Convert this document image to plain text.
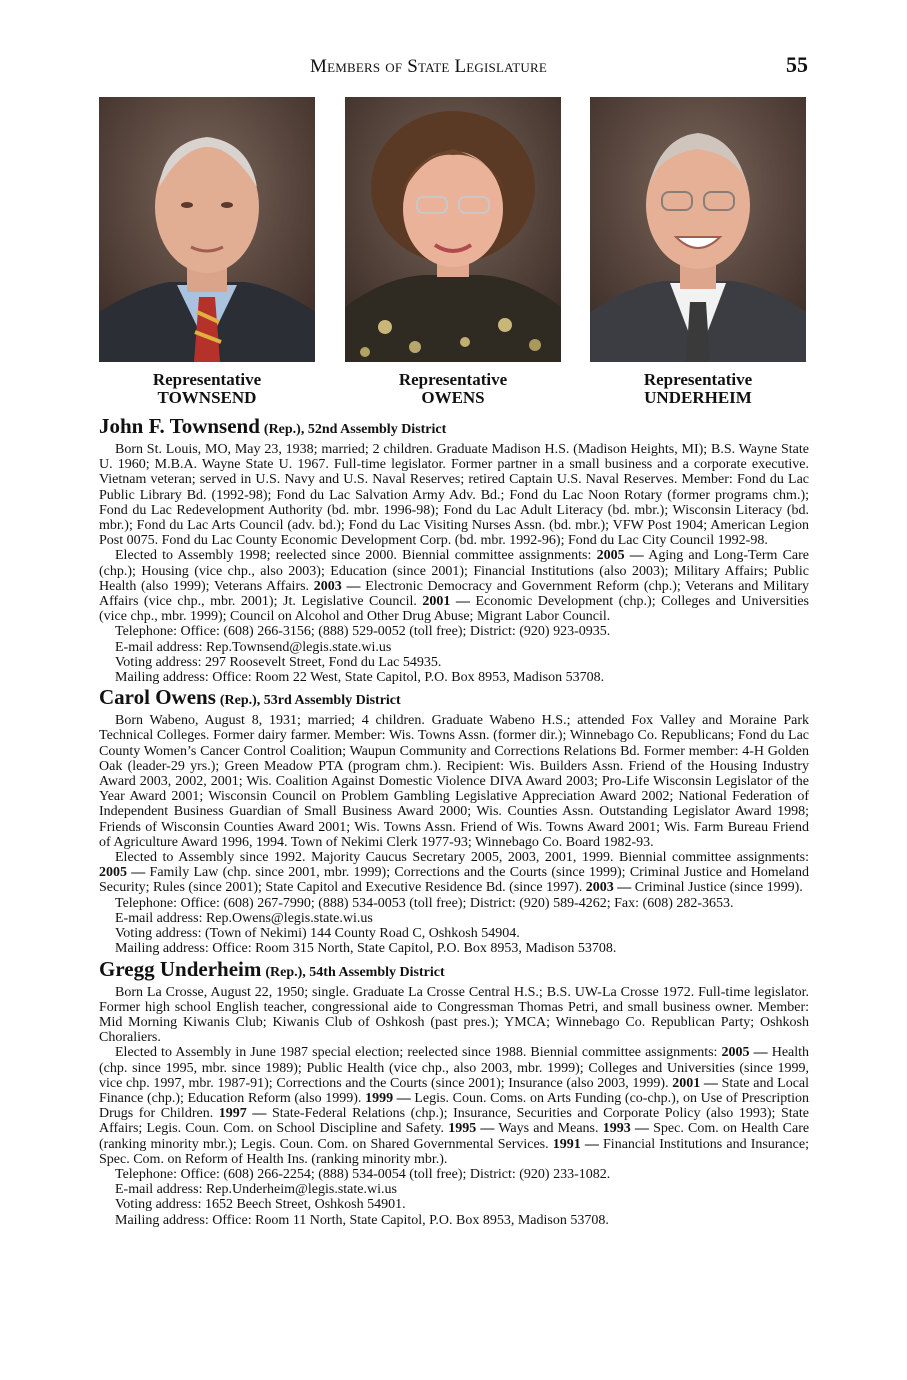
Members of State Legislature	55
Representative
TOWNSEND
Representative
OWENS
Representative
UNDERHEIM
John F. Townsend (Rep.), 52nd Assembly District

Born St. Louis, MO, May 23, 1938; married; 2 children. Graduate Madison H.S. (Madison Heights, MI); B.S. Wayne State U. 1960; M.B.A. Wayne State U. 1967. Full-time legislator. Former partner in a small business and a corporate executive. Vietnam veteran; served in U.S. Navy and U.S. Naval Reserves; retired Captain U.S. Naval Reserves. Member: Fond du Lac Public Library Bd. (1992-98); Fond du Lac Salvation Army Adv. Bd.; Fond du Lac Noon Rotary (former programs chm.); Fond du Lac Redevelopment Authority (bd. mbr. 1996-98); Fond du Lac Adult Literacy (bd. mbr.); Wisconsin Literacy (bd. mbr.); Fond du Lac Arts Council (adv. bd.); Fond du Lac Visiting Nurses Assn. (bd. mbr.); VFW Post 1904; American Legion Post 0075. Fond du Lac County Economic Development Corp. (bd. mbr. 1992-96); Fond du Lac City Council 1992-98.

Elected to Assembly 1998; reelected since 2000. Biennial committee assignments: 2005 — Aging and Long-Term Care (chp.); Housing (vice chp., also 2003); Education (since 2001); Financial Institutions (also 2003); Military Affairs; Public Health (also 1999); Veterans Affairs. 2003 — Electronic Democracy and Government Reform (chp.); Veterans and Military Affairs (vice chp., mbr. 2001); Jt. Legislative Council. 2001 — Economic Development (chp.); Colleges and Universities (vice chp., mbr. 1999); Council on Alcohol and Other Drug Abuse; Migrant Labor Council.

Telephone: Office: (608) 266-3156; (888) 529-0052 (toll free); District: (920) 923-0935.
E-mail address: Rep.Townsend@legis.state.wi.us
Voting address: 297 Roosevelt Street, Fond du Lac 54935.
Mailing address: Office: Room 22 West, State Capitol, P.O. Box 8953, Madison 53708.
Carol Owens (Rep.), 53rd Assembly District

Born Wabeno, August 8, 1931; married; 4 children. Graduate Wabeno H.S.; attended Fox Valley and Moraine Park Technical Colleges. Former dairy farmer. Member: Wis. Towns Assn. (former dir.); Winnebago Co. Republicans; Fond du Lac County Women’s Cancer Control Coalition; Waupun Community and Corrections Relations Bd. Former member: 4-H Golden Oak (leader-29 yrs.); Green Meadow PTA (program chm.). Recipient: Wis. Builders Assn. Friend of the Housing Industry Award 2003, 2002, 2001; Wis. Coalition Against Domestic Violence DIVA Award 2003; Pro-Life Wisconsin Legislator of the Year Award 2001; Wisconsin Council on Problem Gambling Legislative Appreciation Award 2002; National Federation of Independent Business Guardian of Small Business Award 2000; Wis. Counties Assn. Outstanding Legislator Award 1998; Friends of Wisconsin Counties Award 2001; Wis. Towns Assn. Friend of Wis. Towns Award 2001; Wis. Farm Bureau Friend of Agriculture Award 1996, 1994. Town of Nekimi Clerk 1977-93; Winnebago Co. Board 1982-93.

Elected to Assembly since 1992. Majority Caucus Secretary 2005, 2003, 2001, 1999. Biennial committee assignments: 2005 — Family Law (chp. since 2001, mbr. 1999); Corrections and the Courts (since 1999); Criminal Justice and Homeland Security; Rules (since 2001); State Capitol and Executive Residence Bd. (since 1997). 2003 — Criminal Justice (since 1999).

Telephone: Office: (608) 267-7990; (888) 534-0053 (toll free); District: (920) 589-4262; Fax: (608) 282-3653.
E-mail address: Rep.Owens@legis.state.wi.us
Voting address: (Town of Nekimi) 144 County Road C, Oshkosh 54904.
Mailing address: Office: Room 315 North, State Capitol, P.O. Box 8953, Madison 53708.
Gregg Underheim (Rep.), 54th Assembly District

Born La Crosse, August 22, 1950; single. Graduate La Crosse Central H.S.; B.S. UW-La Crosse 1972. Full-time legislator. Former high school English teacher, congressional aide to Congressman Thomas Petri, and small business owner. Member: Mid Morning Kiwanis Club; Kiwanis Club of Oshkosh (past pres.); YMCA; Winnebago Co. Republican Party; Oshkosh Choraliers.

Elected to Assembly in June 1987 special election; reelected since 1988. Biennial committee assignments: 2005 — Health (chp. since 1995, mbr. since 1989); Public Health (vice chp., also 2003, mbr. 1999); Colleges and Universities (since 1999, vice chp. 1997, mbr. 1987-91); Corrections and the Courts (since 2001); Insurance (also 2003, 1999). 2001 — State and Local Finance (chp.); Education Reform (also 1999). 1999 — Legis. Coun. Coms. on Arts Funding (co-chp.), on Use of Prescription Drugs for Children. 1997 — State-Federal Relations (chp.); Insurance, Securities and Corporate Policy (also 1993); State Affairs; Legis. Coun. Com. on School Discipline and Safety. 1995 — Ways and Means. 1993 — Spec. Com. on Health Care (ranking minority mbr.); Legis. Coun. Com. on Shared Governmental Services. 1991 — Financial Institutions and Insurance; Spec. Com. on Reform of Health Ins. (ranking minority mbr.).

Telephone: Office: (608) 266-2254; (888) 534-0054 (toll free); District: (920) 233-1082.
E-mail address: Rep.Underheim@legis.state.wi.us
Voting address: 1652 Beech Street, Oshkosh 54901.
Mailing address: Office: Room 11 North, State Capitol, P.O. Box 8953, Madison 53708.
